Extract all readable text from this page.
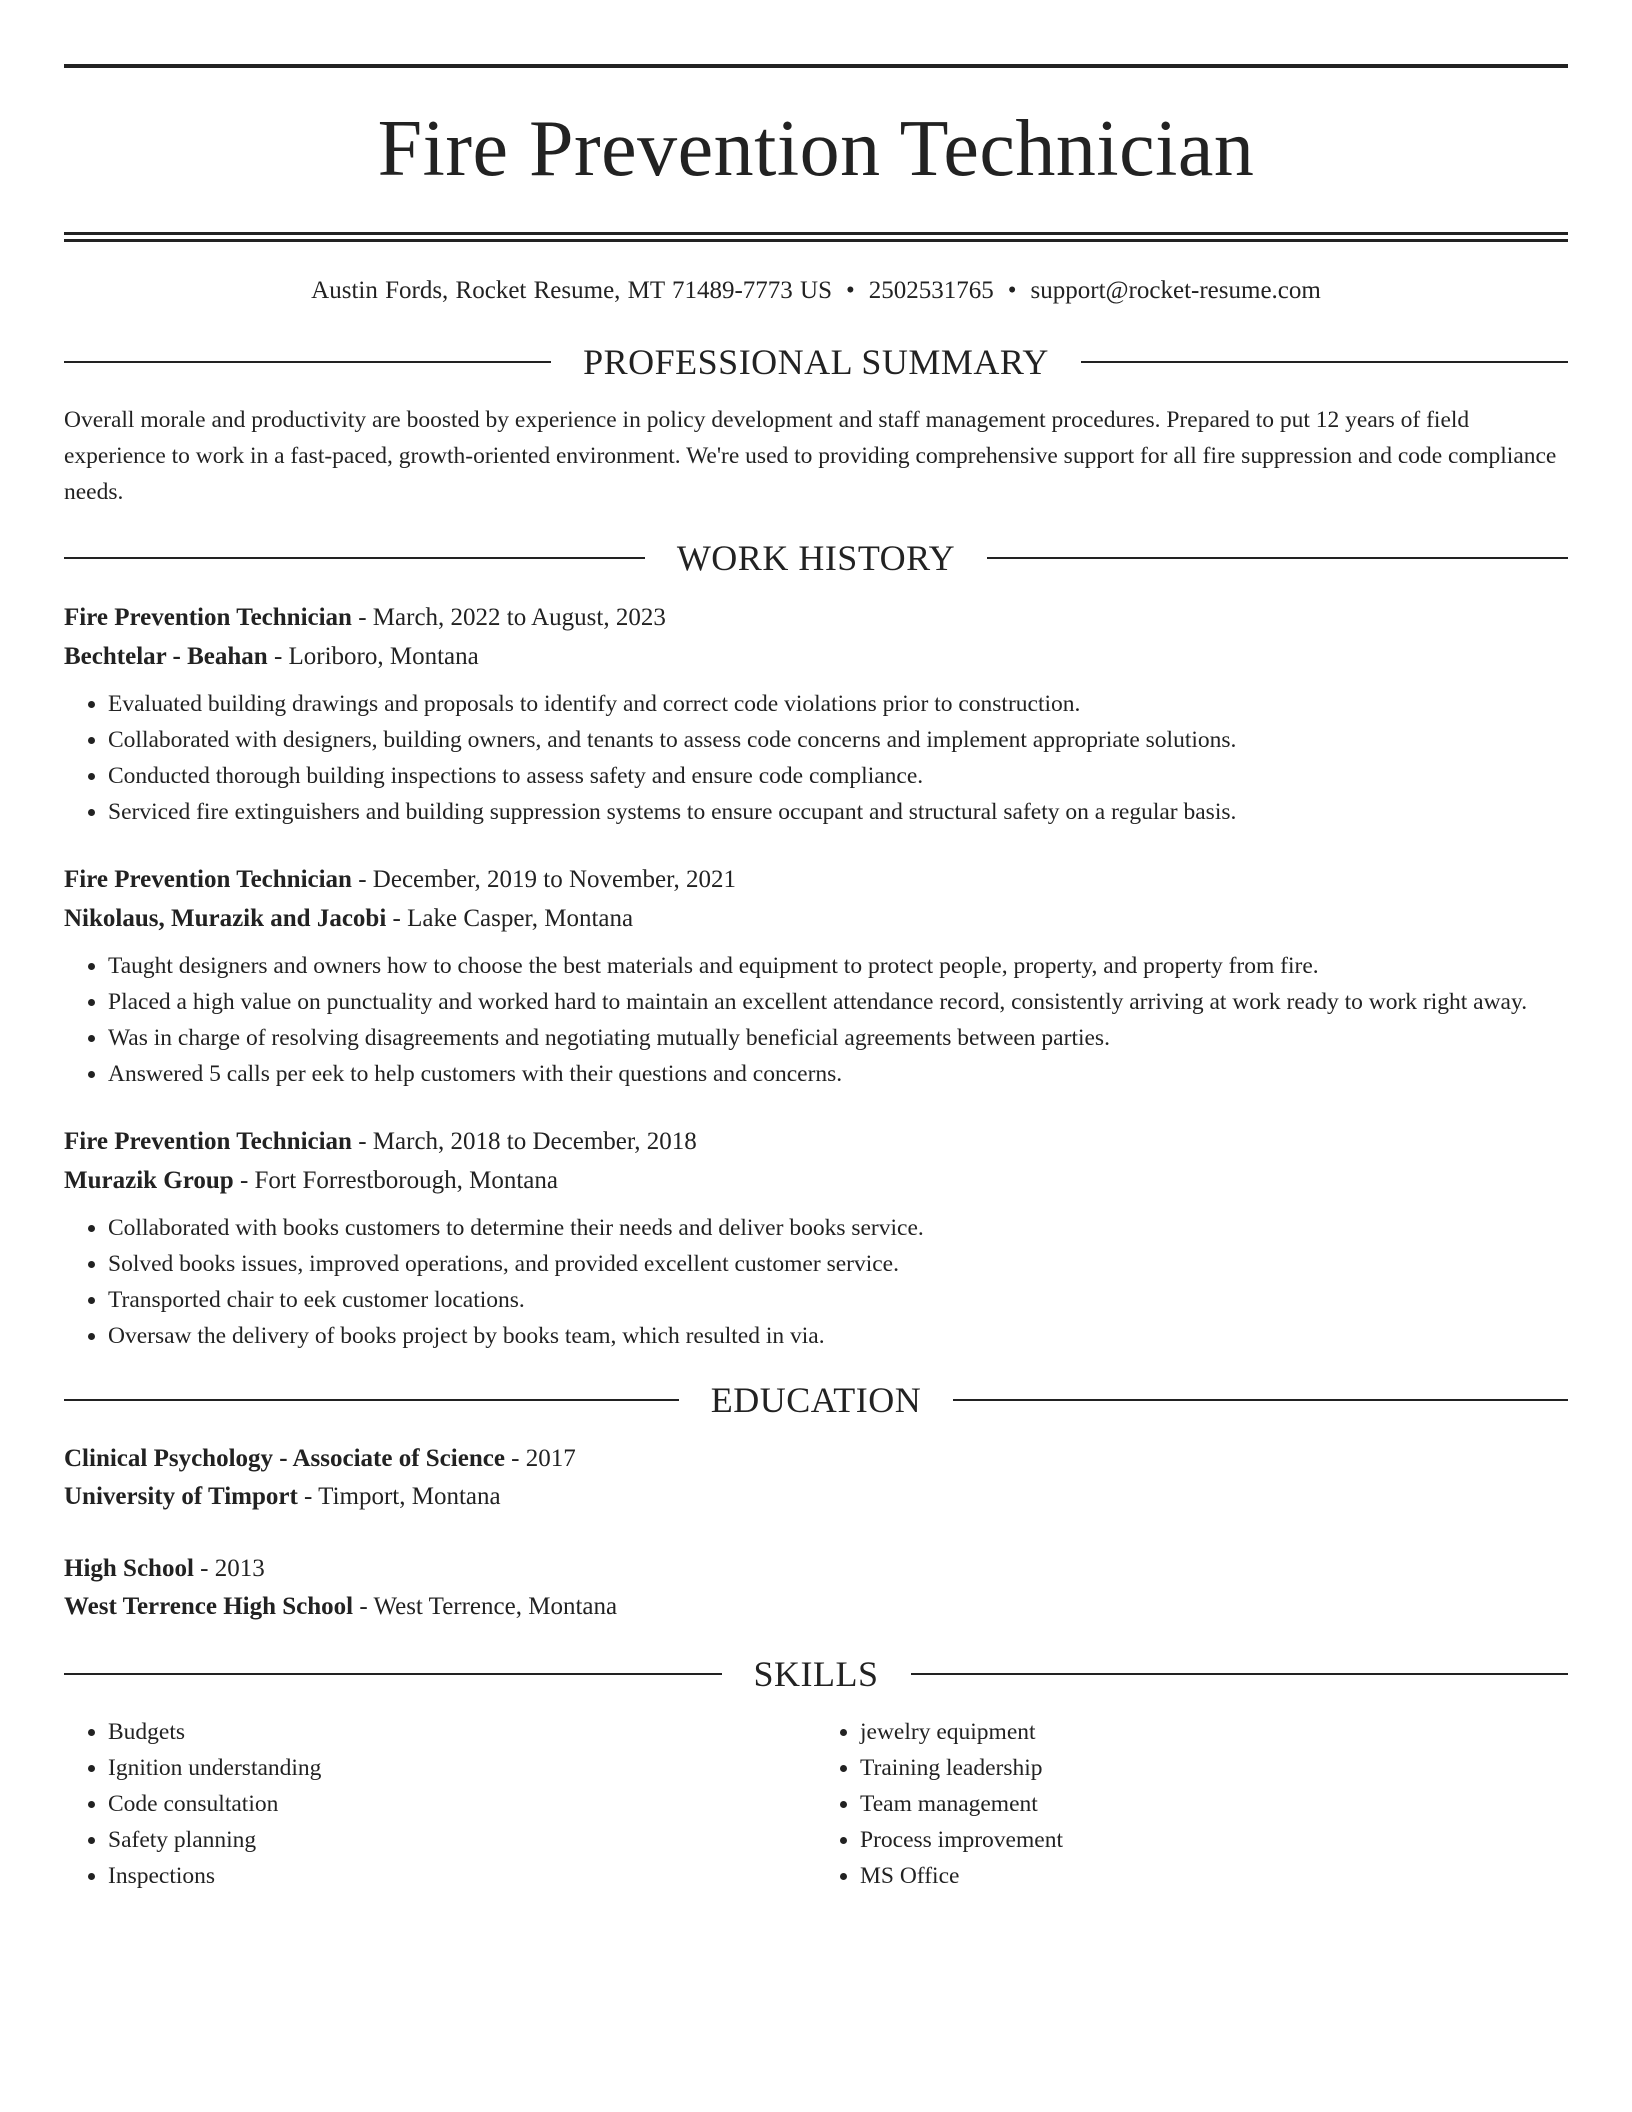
Fire Prevention Technician
Austin Fords, Rocket Resume, MT 71489-7773 US • 2502531765 • support@rocket-resume.com
PROFESSIONAL SUMMARY

Overall morale and productivity are boosted by experience in policy development and staff management procedures. Prepared to put 12 years of field experience to work in a fast-paced, growth-oriented environment. We're used to providing comprehensive support for all fire suppression and code compliance needs.

WORK HISTORY
Fire Prevention Technician - March, 2022 to August, 2023
Bechtelar - Beahan - Loriboro, Montana
• Evaluated building drawings and proposals to identify and correct code violations prior to construction.
• Collaborated with designers, building owners, and tenants to assess code concerns and implement appropriate solutions.
• Conducted thorough building inspections to assess safety and ensure code compliance.
• Serviced fire extinguishers and building suppression systems to ensure occupant and structural safety on a regular basis.
Fire Prevention Technician - December, 2019 to November, 2021
Nikolaus, Murazik and Jacobi - Lake Casper, Montana
• Taught designers and owners how to choose the best materials and equipment to protect people, property, and property from fire.
• Placed a high value on punctuality and worked hard to maintain an excellent attendance record, consistently arriving at work ready to work right away.
• Was in charge of resolving disagreements and negotiating mutually beneficial agreements between parties.
• Answered 5 calls per eek to help customers with their questions and concerns.
Fire Prevention Technician - March, 2018 to December, 2018
Murazik Group - Fort Forrestborough, Montana
• Collaborated with books customers to determine their needs and deliver books service.
• Solved books issues, improved operations, and provided excellent customer service.
• Transported chair to eek customer locations.
• Oversaw the delivery of books project by books team, which resulted in via.
EDUCATION
Clinical Psychology - Associate of Science - 2017
University of Timport - Timport, Montana
High School - 2013
West Terrence High School - West Terrence, Montana
SKILLS
• Budgets
• Ignition understanding
• Code consultation
• Safety planning
• Inspections
• jewelry equipment
• Training leadership
• Team management
• Process improvement
• MS Office
